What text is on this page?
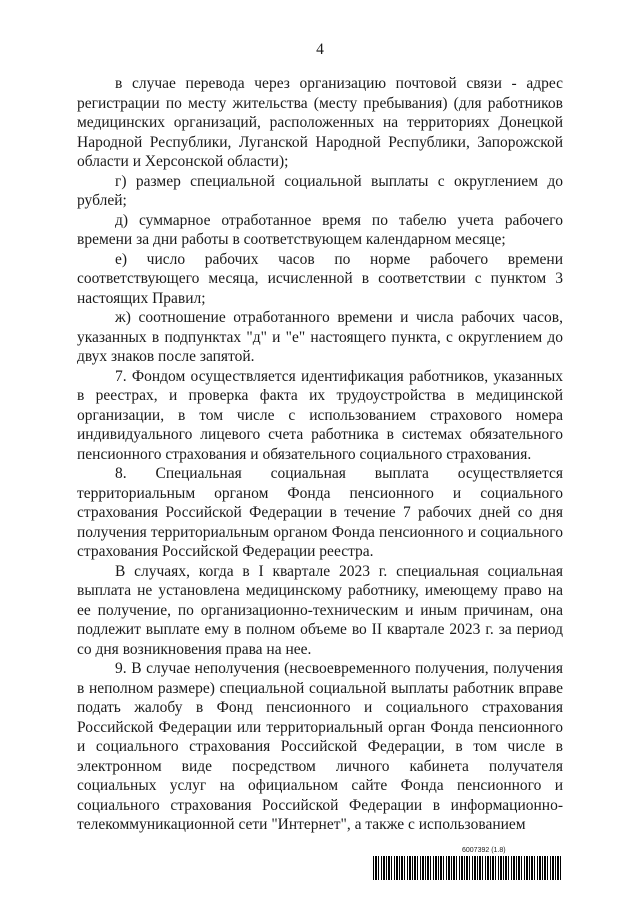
4

в случае перевода через организацию почтовой связи - адрес регистрации по месту жительства (месту пребывания) (для работников медицинских организаций, расположенных на территориях Донецкой Народной Республики, Луганской Народной Республики, Запорожской области и Херсонской области);

г) размер специальной социальной выплаты с округлением до рублей;

д) суммарное отработанное время по табелю учета рабочего времени за дни работы в соответствующем календарном месяце;

е) число рабочих часов по норме рабочего времени соответствующего месяца, исчисленной в соответствии с пунктом 3 настоящих Правил;

ж) соотношение отработанного времени и числа рабочих часов, указанных в подпунктах "д" и "е" настоящего пункта, с округлением до двух знаков после запятой.

7. Фондом осуществляется идентификация работников, указанных в реестрах, и проверка факта их трудоустройства в медицинской организации, в том числе с использованием страхового номера индивидуального лицевого счета работника в системах обязательного пенсионного страхования и обязательного социального страхования.

8. Специальная социальная выплата осуществляется территориальным органом Фонда пенсионного и социального страхования Российской Федерации в течение 7 рабочих дней со дня получения территориальным органом Фонда пенсионного и социального страхования Российской Федерации реестра.

В случаях, когда в I квартале 2023 г. специальная социальная выплата не установлена медицинскому работнику, имеющему право на ее получение, по организационно-техническим и иным причинам, она подлежит выплате ему в полном объеме во II квартале 2023 г. за период со дня возникновения права на нее.

9. В случае неполучения (несвоевременного получения, получения в неполном размере) специальной социальной выплаты работник вправе подать жалобу в Фонд пенсионного и социального страхования Российской Федерации или территориальный орган Фонда пенсионного и социального страхования Российской Федерации, в том числе в электронном виде посредством личного кабинета получателя социальных услуг на официальном сайте Фонда пенсионного и социального страхования Российской Федерации в информационно-телекоммуникационной сети "Интернет", а также с использованием

6007392 (1.8)
